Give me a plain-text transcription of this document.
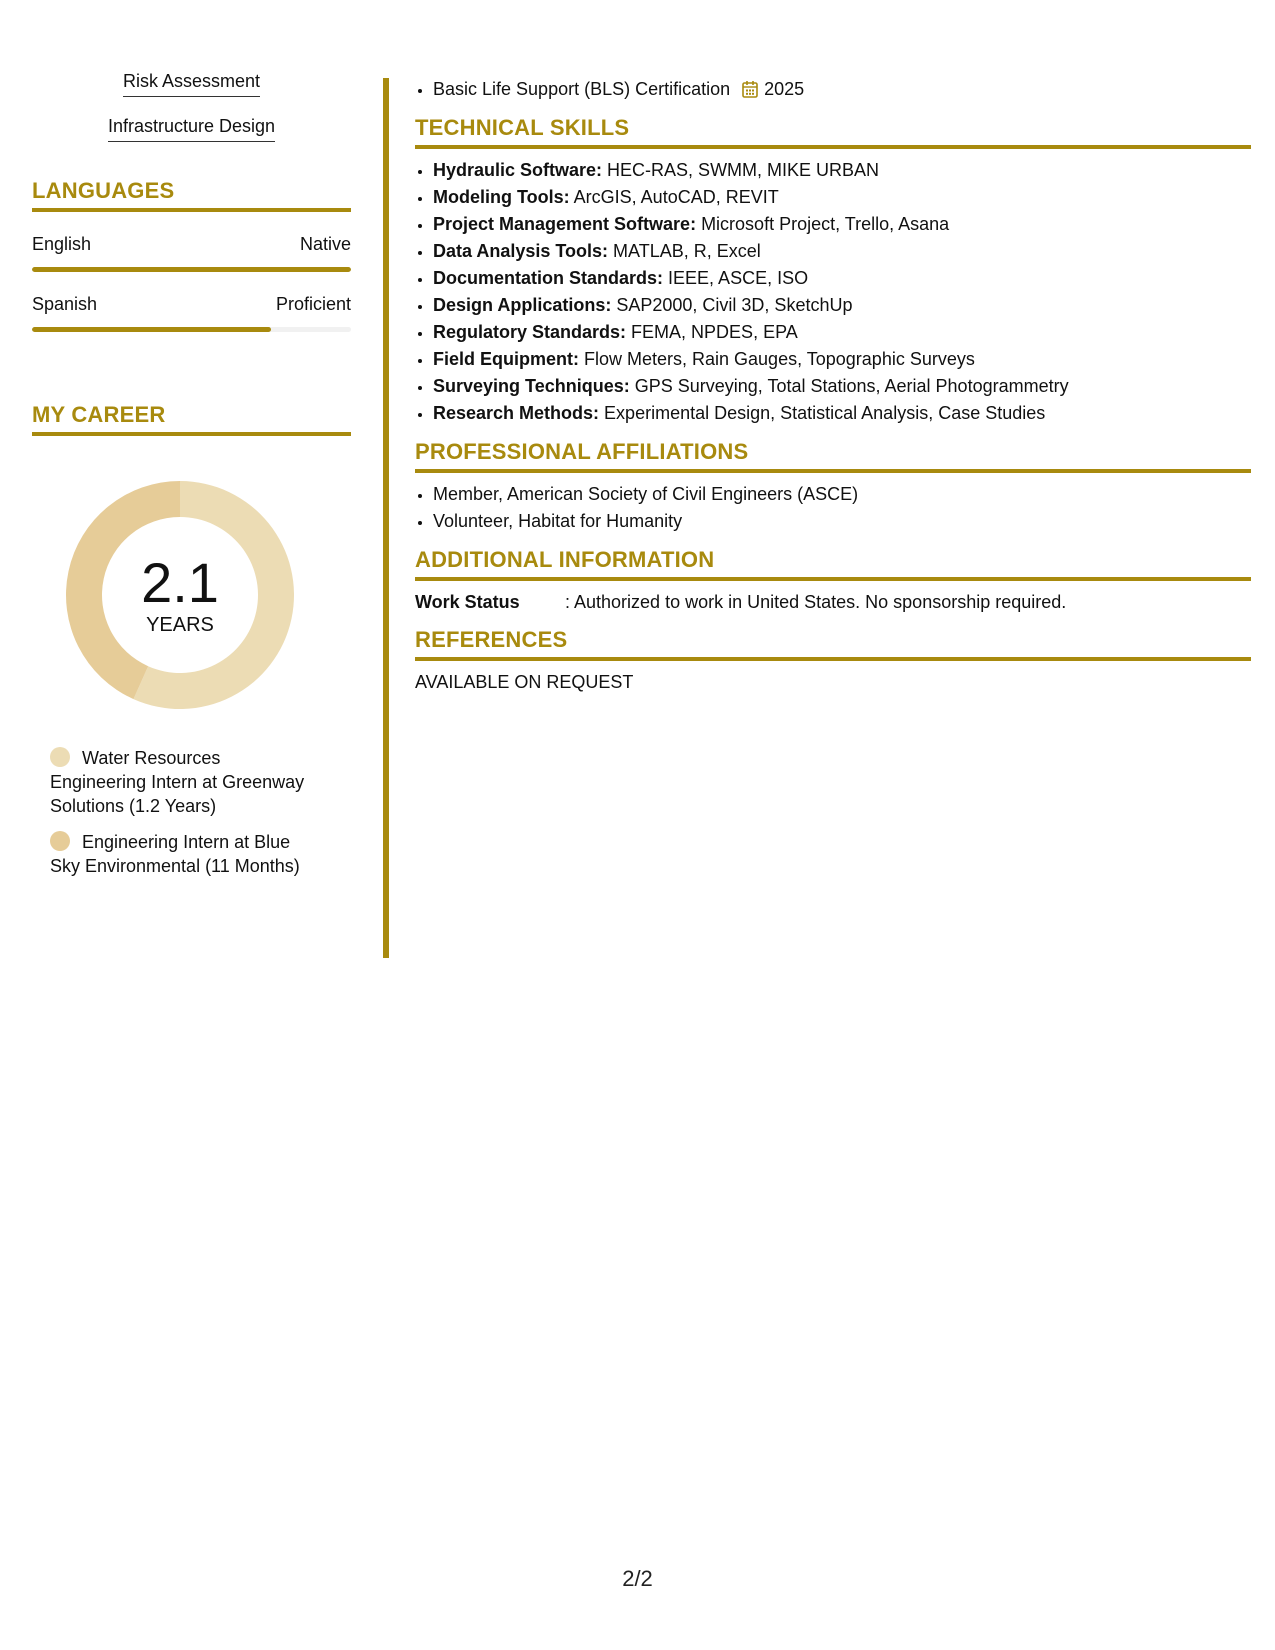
Risk Assessment
Infrastructure Design
LANGUAGES
English	Native
Spanish	Proficient
MY CAREER
2.1
YEARS
Water Resources Engineering Intern at Greenway Solutions (1.2 Years)
Engineering Intern at Blue Sky Environmental (11 Months)
• Basic Life Support (BLS) Certification 2025
TECHNICAL SKILLS
• Hydraulic Software: HEC-RAS, SWMM, MIKE URBAN
• Modeling Tools: ArcGIS, AutoCAD, REVIT
• Project Management Software: Microsoft Project, Trello, Asana
• Data Analysis Tools: MATLAB, R, Excel
• Documentation Standards: IEEE, ASCE, ISO
• Design Applications: SAP2000, Civil 3D, SketchUp
• Regulatory Standards: FEMA, NPDES, EPA
• Field Equipment: Flow Meters, Rain Gauges, Topographic Surveys
• Surveying Techniques: GPS Surveying, Total Stations, Aerial Photogrammetry
• Research Methods: Experimental Design, Statistical Analysis, Case Studies
PROFESSIONAL AFFILIATIONS
• Member, American Society of Civil Engineers (ASCE)
• Volunteer, Habitat for Humanity
ADDITIONAL INFORMATION
Work Status	: Authorized to work in United States. No sponsorship required.
REFERENCES
AVAILABLE ON REQUEST
2/2
